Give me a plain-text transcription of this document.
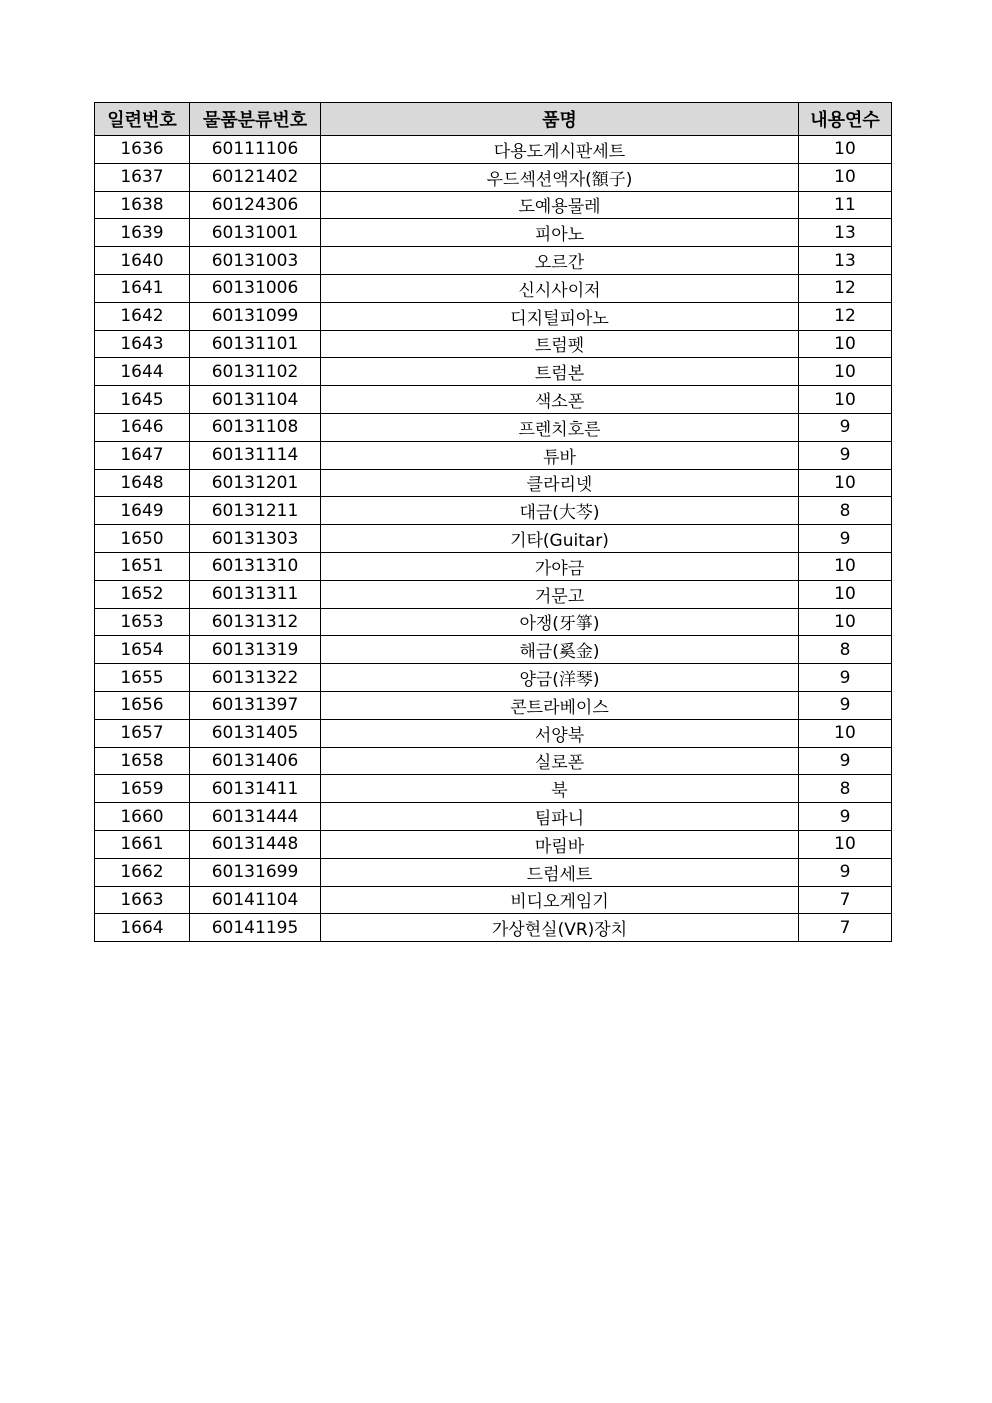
일련번호	물품분류번호	품명	내용연수
1636	60111106	다용도게시판세트	10
1637	60121402	우드섹션액자(額子)	10
1638	60124306	도예용물레	11
1639	60131001	피아노	13
1640	60131003	오르간	13
1641	60131006	신시사이저	12
1642	60131099	디지털피아노	12
1643	60131101	트럼펫	10
1644	60131102	트럼본	10
1645	60131104	색소폰	10
1646	60131108	프렌치호른	9
1647	60131114	튜바	9
1648	60131201	클라리넷	10
1649	60131211	대금(大芩)	8
1650	60131303	기타(Guitar)	9
1651	60131310	가야금	10
1652	60131311	거문고	10
1653	60131312	아쟁(牙箏)	10
1654	60131319	해금(奚金)	8
1655	60131322	양금(洋琴)	9
1656	60131397	콘트라베이스	9
1657	60131405	서양북	10
1658	60131406	실로폰	9
1659	60131411	북	8
1660	60131444	팀파니	9
1661	60131448	마림바	10
1662	60131699	드럼세트	9
1663	60141104	비디오게임기	7
1664	60141195	가상현실(VR)장치	7
